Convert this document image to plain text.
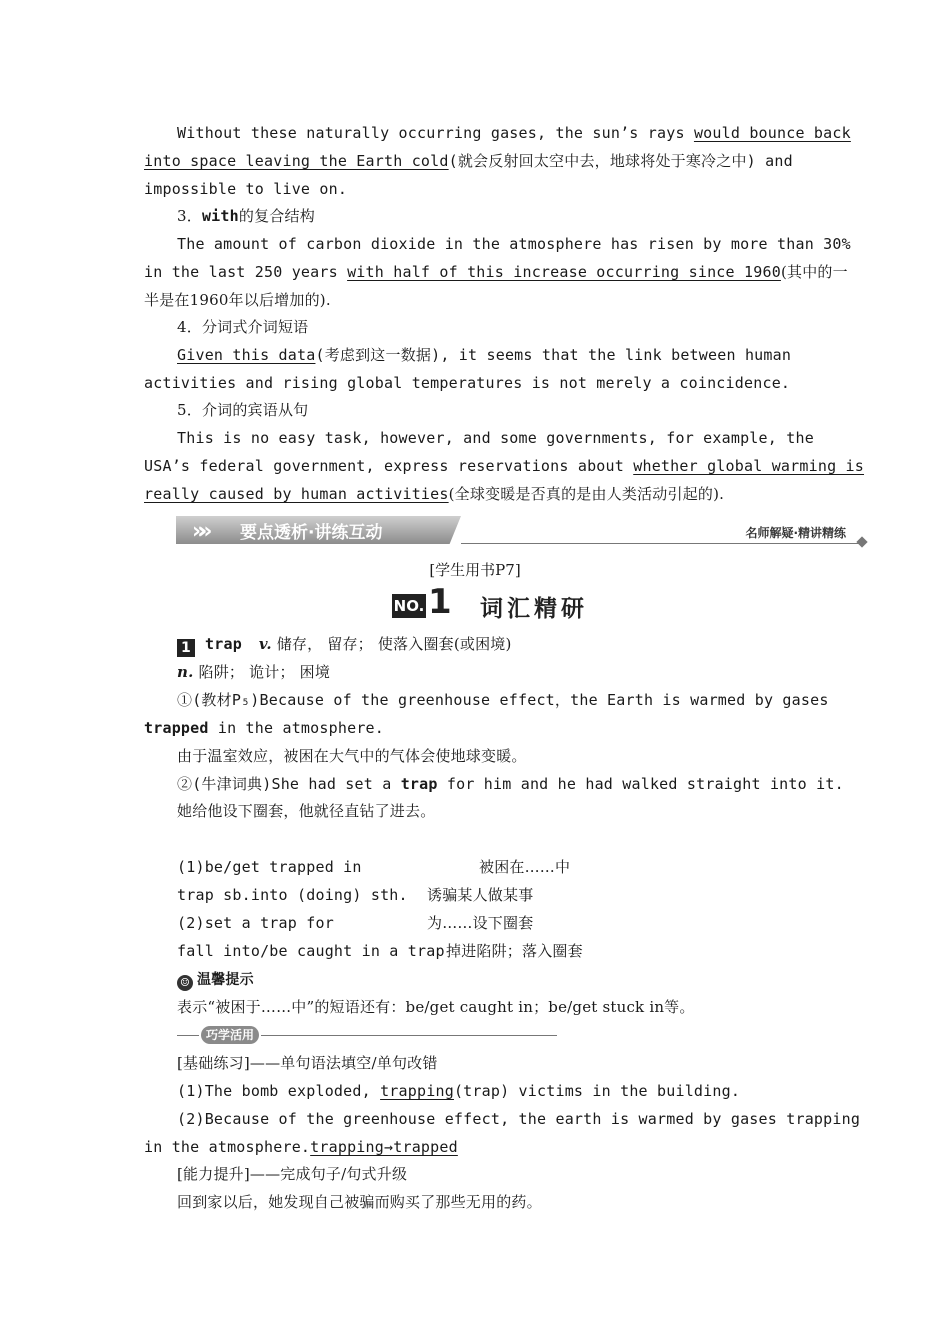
Without these naturally occurring gases, the sun’s rays would bounce back
into space leaving the Earth cold(就会反射回太空中去，地球将处于寒冷之中) and
impossible to live on.
3．with的复合结构
The amount of carbon dioxide in the atmosphere has risen by more than 30%
in the last 250 years with half of this increase occurring since 1960(其中的一
半是在1960年以后增加的).
4．分词式介词短语
Given this data(考虑到这一数据), it seems that the link between human
activities and rising global temperatures is not merely a coincidence.
5．介词的宾语从句
This is no easy task, however, and some governments, for example, the
USA’s federal government, express reservations about whether global warming is
really caused by human activities(全球变暖是否真的是由人类活动引起的).
»» 要点透析·讲练互动	名师解疑·精讲精练
[学生用书P7]
NO. 1 词汇精研
1 trap v. 储存， 留存； 使落入圈套(或困境)
n. 陷阱； 诡计； 困境
①(教材P₅)Because of the greenhouse effect，the Earth is warmed by gases
trapped in the atmosphere.
由于温室效应，被困在大气中的气体会使地球变暖。
②(牛津词典)She had set a trap for him and he had walked straight into it.
她给他设下圈套，他就径直钻了进去。
(1)be/get trapped in	被困在……中
trap sb.into (doing) sth. 诱骗某人做某事
(2)set a trap for	为……设下圈套
fall into/be caught in a trap掉进陷阱；落入圈套
☺ 温馨提示
表示“被困于……中”的短语还有：be/get caught in；be/get stuck in等。
巧学活用
[基础练习]——单句语法填空/单句改错
(1)The bomb exploded, trapping(trap) victims in the building.
(2)Because of the greenhouse effect, the earth is warmed by gases trapping
in the atmosphere.trapping→trapped
[能力提升]——完成句子/句式升级
回到家以后，她发现自己被骗而购买了那些无用的药。
